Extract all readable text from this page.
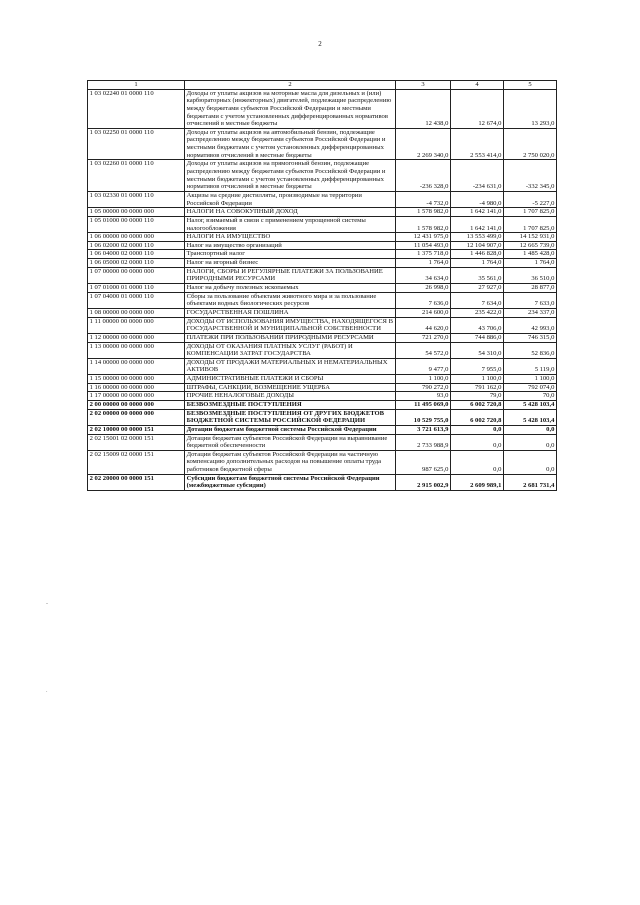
2
-
.
1	2	3	4	5
1 03 02240 01 0000 110	Доходы от уплаты акцизов на моторные масла для дизельных и (или) карбюраторных (инжекторных) двигателей, подлежащие распределению между бюджетами субъектов Российской Федерации и местными бюджетами с учетом установленных дифференцированных нормативов отчислений в местные бюджеты	12 438,0	12 674,0	13 293,0
1 03 02250 01 0000 110	Доходы от уплаты акцизов на автомобильный бензин, подлежащие распределению между бюджетами субъектов Российской Федерации и местными бюджетами с учетом установленных дифференцированных нормативов отчислений в местные бюджеты	2 269 340,0	2 553 414,0	2 750 020,0
1 03 02260 01 0000 110	Доходы от уплаты акцизов на прямогонный бензин, подлежащие распределению между бюджетами субъектов Российской Федерации и местными бюджетами с учетом установленных дифференцированных нормативов отчислений в местные бюджеты	-236 328,0	-234 631,0	-332 345,0
1 03 02330 01 0000 110	Акцизы на средние дистилляты, производимые на территории Российской Федерации	-4 732,0	-4 980,0	-5 227,0
1 05 00000 00 0000 000	НАЛОГИ НА СОВОКУПНЫЙ ДОХОД	1 578 982,0	1 642 141,0	1 707 825,0
1 05 01000 00 0000 110	Налог, взимаемый в связи с применением упрощенной системы налогообложения	1 578 982,0	1 642 141,0	1 707 825,0
1 06 00000 00 0000 000	НАЛОГИ НА ИМУЩЕСТВО	12 431 975,0	13 553 499,0	14 152 931,0
1 06 02000 02 0000 110	Налог на имущество организаций	11 054 493,0	12 104 907,0	12 665 739,0
1 06 04000 02 0000 110	Транспортный налог	1 375 718,0	1 446 828,0	1 485 428,0
1 06 05000 02 0000 110	Налог на игорный бизнес	1 764,0	1 764,0	1 764,0
1 07 00000 00 0000 000	НАЛОГИ, СБОРЫ И РЕГУЛЯРНЫЕ ПЛАТЕЖИ ЗА ПОЛЬЗОВАНИЕ ПРИРОДНЫМИ РЕСУРСАМИ	34 634,0	35 561,0	36 510,0
1 07 01000 01 0000 110	Налог на добычу полезных ископаемых	26 998,0	27 927,0	28 877,0
1 07 04000 01 0000 110	Сборы за пользование объектами животного мира и за пользование объектами водных биологических ресурсов	7 636,0	7 634,0	7 633,0
1 08 00000 00 0000 000	ГОСУДАРСТВЕННАЯ ПОШЛИНА	214 600,0	235 422,0	234 337,0
1 11 00000 00 0000 000	ДОХОДЫ ОТ ИСПОЛЬЗОВАНИЯ ИМУЩЕСТВА, НАХОДЯЩЕГОСЯ В ГОСУДАРСТВЕННОЙ И МУНИЦИПАЛЬНОЙ СОБСТВЕННОСТИ	44 620,0	43 706,0	42 993,0
1 12 00000 00 0000 000	ПЛАТЕЖИ ПРИ ПОЛЬЗОВАНИИ ПРИРОДНЫМИ РЕСУРСАМИ	721 270,0	744 886,0	746 315,0
1 13 00000 00 0000 000	ДОХОДЫ ОТ ОКАЗАНИЯ ПЛАТНЫХ УСЛУГ (РАБОТ) И КОМПЕНСАЦИИ ЗАТРАТ ГОСУДАРСТВА	54 572,0	54 310,0	52 836,0
1 14 00000 00 0000 000	ДОХОДЫ ОТ ПРОДАЖИ МАТЕРИАЛЬНЫХ И НЕМАТЕРИАЛЬНЫХ АКТИВОВ	9 477,0	7 955,0	5 119,0
1 15 00000 00 0000 000	АДМИНИСТРАТИВНЫЕ ПЛАТЕЖИ И СБОРЫ	1 100,0	1 100,0	1 100,0
1 16 00000 00 0000 000	ШТРАФЫ, САНКЦИИ, ВОЗМЕЩЕНИЕ УЩЕРБА	790 272,0	791 162,0	792 074,0
1 17 00000 00 0000 000	ПРОЧИЕ НЕНАЛОГОВЫЕ ДОХОДЫ	93,0	79,0	70,0
2 00 00000 00 0000 000	БЕЗВОЗМЕЗДНЫЕ ПОСТУПЛЕНИЯ	11 495 069,0	6 002 720,8	5 428 103,4
2 02 00000 00 0000 000	БЕЗВОЗМЕЗДНЫЕ ПОСТУПЛЕНИЯ ОТ ДРУГИХ БЮДЖЕТОВ БЮДЖЕТНОЙ СИСТЕМЫ РОССИЙСКОЙ ФЕДЕРАЦИИ	10 529 755,0	6 002 720,8	5 428 103,4
2 02 10000 00 0000 151	Дотации бюджетам бюджетной системы Российской Федерации	3 721 613,9	0,0	0,0
2 02 15001 02 0000 151	Дотации бюджетам субъектов Российской Федерации на выравнивание бюджетной обеспеченности	2 733 988,9	0,0	0,0
2 02 15009 02 0000 151	Дотации бюджетам субъектов Российской Федерации на частичную компенсацию дополнительных расходов на повышение оплаты труда работников бюджетной сферы	987 625,0	0,0	0,0
2 02 20000 00 0000 151	Субсидии бюджетам бюджетной системы Российской Федерации (межбюджетные субсидии)	2 915 002,9	2 609 989,1	2 681 731,4
